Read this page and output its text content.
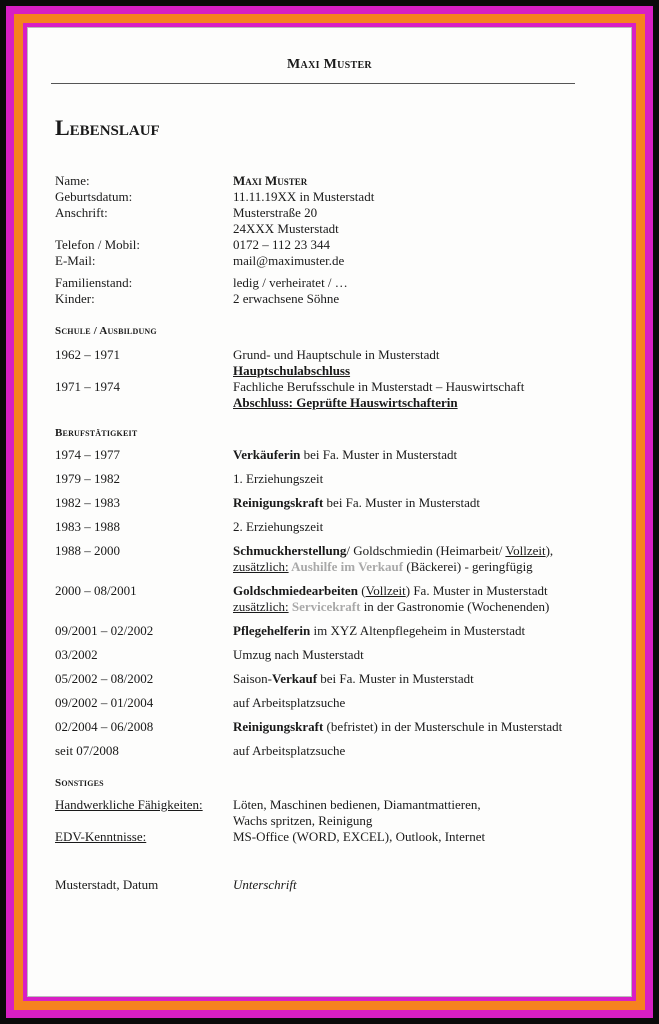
Maxi Muster
Lebenslauf
Name:	Maxi Muster
Geburtsdatum:	11.11.19XX in Musterstadt
Anschrift:	Musterstraße 20
24XXX Musterstadt
Telefon / Mobil:	0172 – 112 23 344
E-Mail:	mail@maximuster.de
Familienstand:	ledig / verheiratet / …
Kinder:	2 erwachsene Söhne
Schule / Ausbildung
1962 – 1971	Grund- und Hauptschule in Musterstadt
Hauptschulabschluss
1971 – 1974	Fachliche Berufsschule in Musterstadt – Hauswirtschaft
Abschluss: Geprüfte Hauswirtschafterin
Berufstätigkeit
1974 – 1977	Verkäuferin bei Fa. Muster in Musterstadt
1979 – 1982	1. Erziehungszeit
1982 – 1983	Reinigungskraft bei Fa. Muster in Musterstadt
1983 – 1988	2. Erziehungszeit
1988 – 2000	Schmuckherstellung/ Goldschmiedin (Heimarbeit/ Vollzeit),
zusätzlich: Aushilfe im Verkauf (Bäckerei) - geringfügig
2000 – 08/2001	Goldschmiedearbeiten (Vollzeit) Fa. Muster in Musterstadt
zusätzlich: Servicekraft in der Gastronomie (Wochenenden)
09/2001 – 02/2002	Pflegehelferin im XYZ Altenpflegeheim in Musterstadt
03/2002	Umzug nach Musterstadt
05/2002 – 08/2002	Saison-Verkauf bei Fa. Muster in Musterstadt
09/2002 – 01/2004	auf Arbeitsplatzsuche
02/2004 – 06/2008	Reinigungskraft (befristet) in der Musterschule in Musterstadt
seit 07/2008	auf Arbeitsplatzsuche
Sonstiges
Handwerkliche Fähigkeiten: Löten, Maschinen bedienen, Diamantmattieren,
Wachs spritzen, Reinigung
EDV-Kenntnisse:	MS-Office (WORD, EXCEL), Outlook, Internet
Musterstadt, Datum	Unterschrift
